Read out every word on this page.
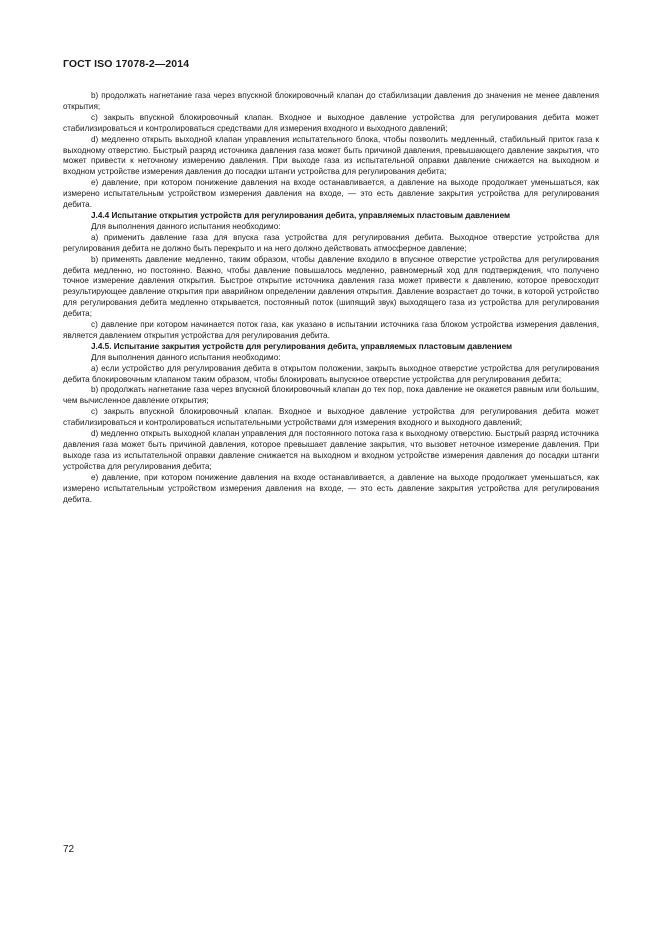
ГОСТ ISO 17078-2—2014

b) продолжать нагнетание газа через впускной блокировочный клапан до стабилизации давления до значения не менее давления открытия;

c) закрыть впускной блокировочный клапан. Входное и выходное давление устройства для регулирования дебита может стабилизироваться и контролироваться средствами для измерения входного и выходного давлений;

d) медленно открыть выходной клапан управления испытательного блока, чтобы позволить медленный, стабильный приток газа к выходному отверстию. Быстрый разряд источника давления газа может быть причиной давления, превышающего давление закрытия, что может привести к неточному измерению давления. При выходе газа из испытательной оправки давление снижается на выходном и входном устройстве измерения давления до посадки штанги устройства для регулирования дебита;

e) давление, при котором понижение давления на входе останавливается, а давление на выходе продолжает уменьшаться, как измерено испытательным устройством измерения давления на входе, — это есть давление закрытия устройства для регулирования дебита.

J.4.4 Испытание открытия устройств для регулирования дебита, управляемых пластовым давлением

Для выполнения данного испытания необходимо:

a) применить давление газа для впуска газа устройства для регулирования дебита. Выходное отверстие устройства для регулирования дебита не должно быть перекрыто и на него должно действовать атмосферное давление;

b) применять давление медленно, таким образом, чтобы давление входило в впускное отверстие устройства для регулирования дебита медленно, но постоянно. Важно, чтобы давление повышалось медленно, равномерный ход для подтверждения, что получено точное измерение давления открытия. Быстрое открытие источника давления газа может привести к давлению, которое превосходит результирующее давление открытия при аварийном определении давления открытия. Давление возрастает до точки, в которой устройство для регулирования дебита медленно открывается, постоянный поток (шипящий звук) выходящего газа из устройства для регулирования дебита;

c) давление при котором начинается поток газа, как указано в испытании источника газа блоком устройства измерения давления, является давлением открытия устройства для регулирования дебита.

J.4.5. Испытание закрытия устройств для регулирования дебита, управляемых пластовым давлением

Для выполнения данного испытания необходимо:

a) если устройство для регулирования дебита в открытом положении, закрыть выходное отверстие устройства для регулирования дебита блокировочным клапаном таким образом, чтобы блокировать выпускное отверстие устройства для регулирования дебита;

b) продолжать нагнетание газа через впускной блокировочный клапан до тех пор, пока давление не окажется равным или большим, чем вычисленное давление открытия;

c) закрыть впускной блокировочный клапан. Входное и выходное давление устройства для регулирования дебита может стабилизироваться и контролироваться испытательными устройствами для измерения входного и выходного давлений;

d) медленно открыть выходной клапан управления для постоянного потока газа к выходному отверстию. Быстрый разряд источника давления газа может быть причиной давления, которое превышает давление закрытия, что вызовет неточное измерение давления. При выходе газа из испытательной оправки давление снижается на выходном и входном устройстве измерения давления до посадки штанги устройства для регулирования дебита;

e) давление, при котором понижение давления на входе останавливается, а давление на выходе продолжает уменьшаться, как измерено испытательным устройством измерения давления на входе, — это есть давление закрытия устройства для регулирования дебита.

72
